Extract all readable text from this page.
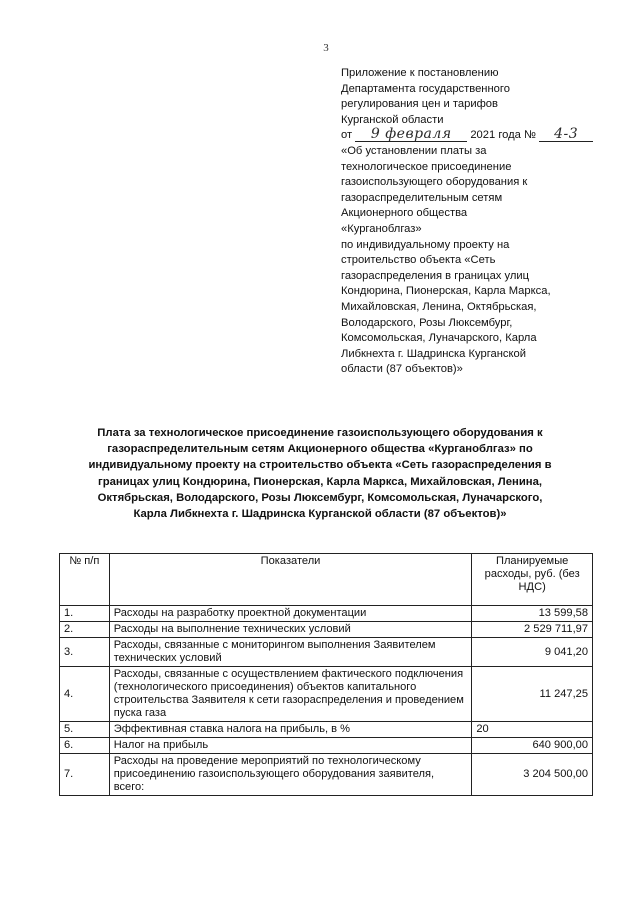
3
Приложение к постановлению
Департамента государственного
регулирования цен и тарифов
Курганской области
от 9 февраля 2021 года № 4-3
«Об установлении платы за
технологическое присоединение
газоиспользующего оборудования к
газораспределительным сетям
Акционерного общества
«Курганоблгаз»
по индивидуальному проекту на
строительство объекта «Сеть
газораспределения в границах улиц
Кондюрина, Пионерская, Карла Маркса,
Михайловская, Ленина, Октябрьская,
Володарского, Розы Люксембург,
Комсомольская, Луначарского, Карла
Либкнехта г. Шадринска Курганской
области (87 объектов)»
Плата за технологическое присоединение газоиспользующего оборудования к
газораспределительным сетям Акционерного общества «Курганоблгаз» по
индивидуальному проекту на строительство объекта «Сеть газораспределения в
границах улиц Кондюрина, Пионерская, Карла Маркса, Михайловская, Ленина,
Октябрьская, Володарского, Розы Люксембург, Комсомольская, Луначарского,
Карла Либкнехта г. Шадринска Курганской области (87 объектов)»
№ п/п	Показатели	Планируемые расходы, руб. (без НДС)
1.	Расходы на разработку проектной документации	13 599,58
2.	Расходы на выполнение технических условий	2 529 711,97
3.	Расходы, связанные с мониторингом выполнения Заявителем технических условий	9 041,20
4.	Расходы, связанные с осуществлением фактического подключения (технологического присоединения) объектов капитального строительства Заявителя к сети газораспределения и проведением пуска газа	11 247,25
5.	Эффективная ставка налога на прибыль, в %	20
6.	Налог на прибыль	640 900,00
7.	Расходы на проведение мероприятий по технологическому присоединению газоиспользующего оборудования заявителя, всего:	3 204 500,00
